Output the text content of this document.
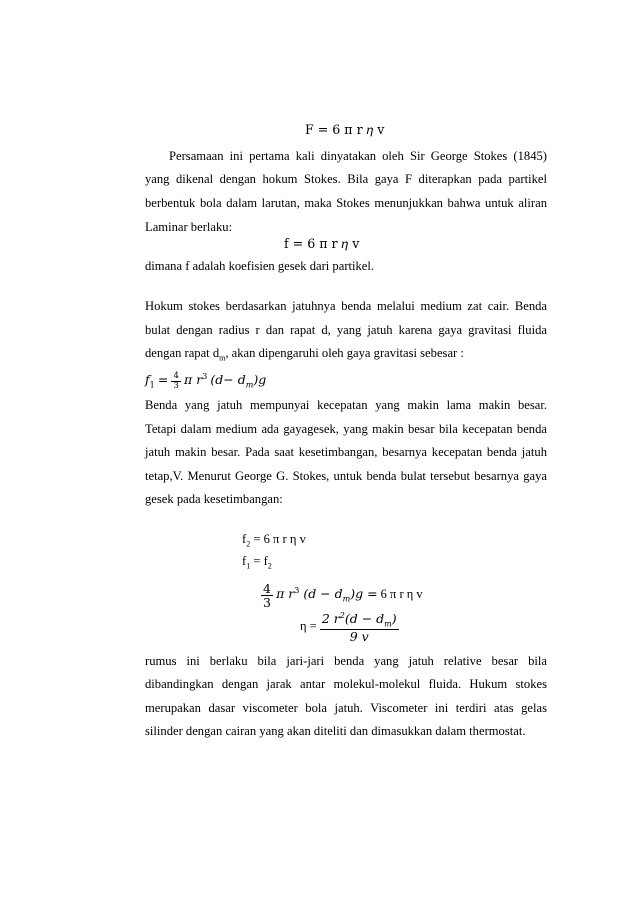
F = 6 π r 𝜂 v
Persamaan ini pertama kali dinyatakan oleh Sir George Stokes (1845)
yang dikenal dengan hokum Stokes. Bila gaya F diterapkan pada partikel
berbentuk bola dalam larutan, maka Stokes menunjukkan bahwa untuk aliran
Laminar berlaku:
f = 6 π r 𝜂 v
dimana f adalah koefisien gesek dari partikel.
Hokum stokes berdasarkan jatuhnya benda melalui medium zat cair. Benda
bulat dengan radius r dan rapat d, yang jatuh karena gaya gravitasi fluida
dengan rapat $d_m$, akan dipengaruhi oleh gaya gravitasi sebesar :
$f_1 = \frac{4}{3}$ π $r^3$ $(d- d_m)g$
Benda yang jatuh mempunyai kecepatan yang makin lama makin besar.
Tetapi dalam medium ada gayagesek, yang makin besar bila kecepatan benda
jatuh makin besar. Pada saat kesetimbangan, besarnya kecepatan benda jatuh
tetap,V. Menurut George G. Stokes, untuk benda bulat tersebut besarnya gaya
gesek pada kesetimbangan:
$f_2 = 6$ π r η v
$f_1 = f_2$
$\frac{4}{3}$ π $r^3$ $(d - d_m)g = 6$ π r η v
$\eta = \frac{2 r^2(d - d_m)}{9 v}$
rumus ini berlaku bila jari-jari benda yang jatuh relative besar bila
dibandingkan dengan jarak antar molekul-molekul fluida. Hukum stokes
merupakan dasar viscometer bola jatuh. Viscometer ini terdiri atas gelas
silinder dengan cairan yang akan diteliti dan dimasukkan dalam thermostat.
